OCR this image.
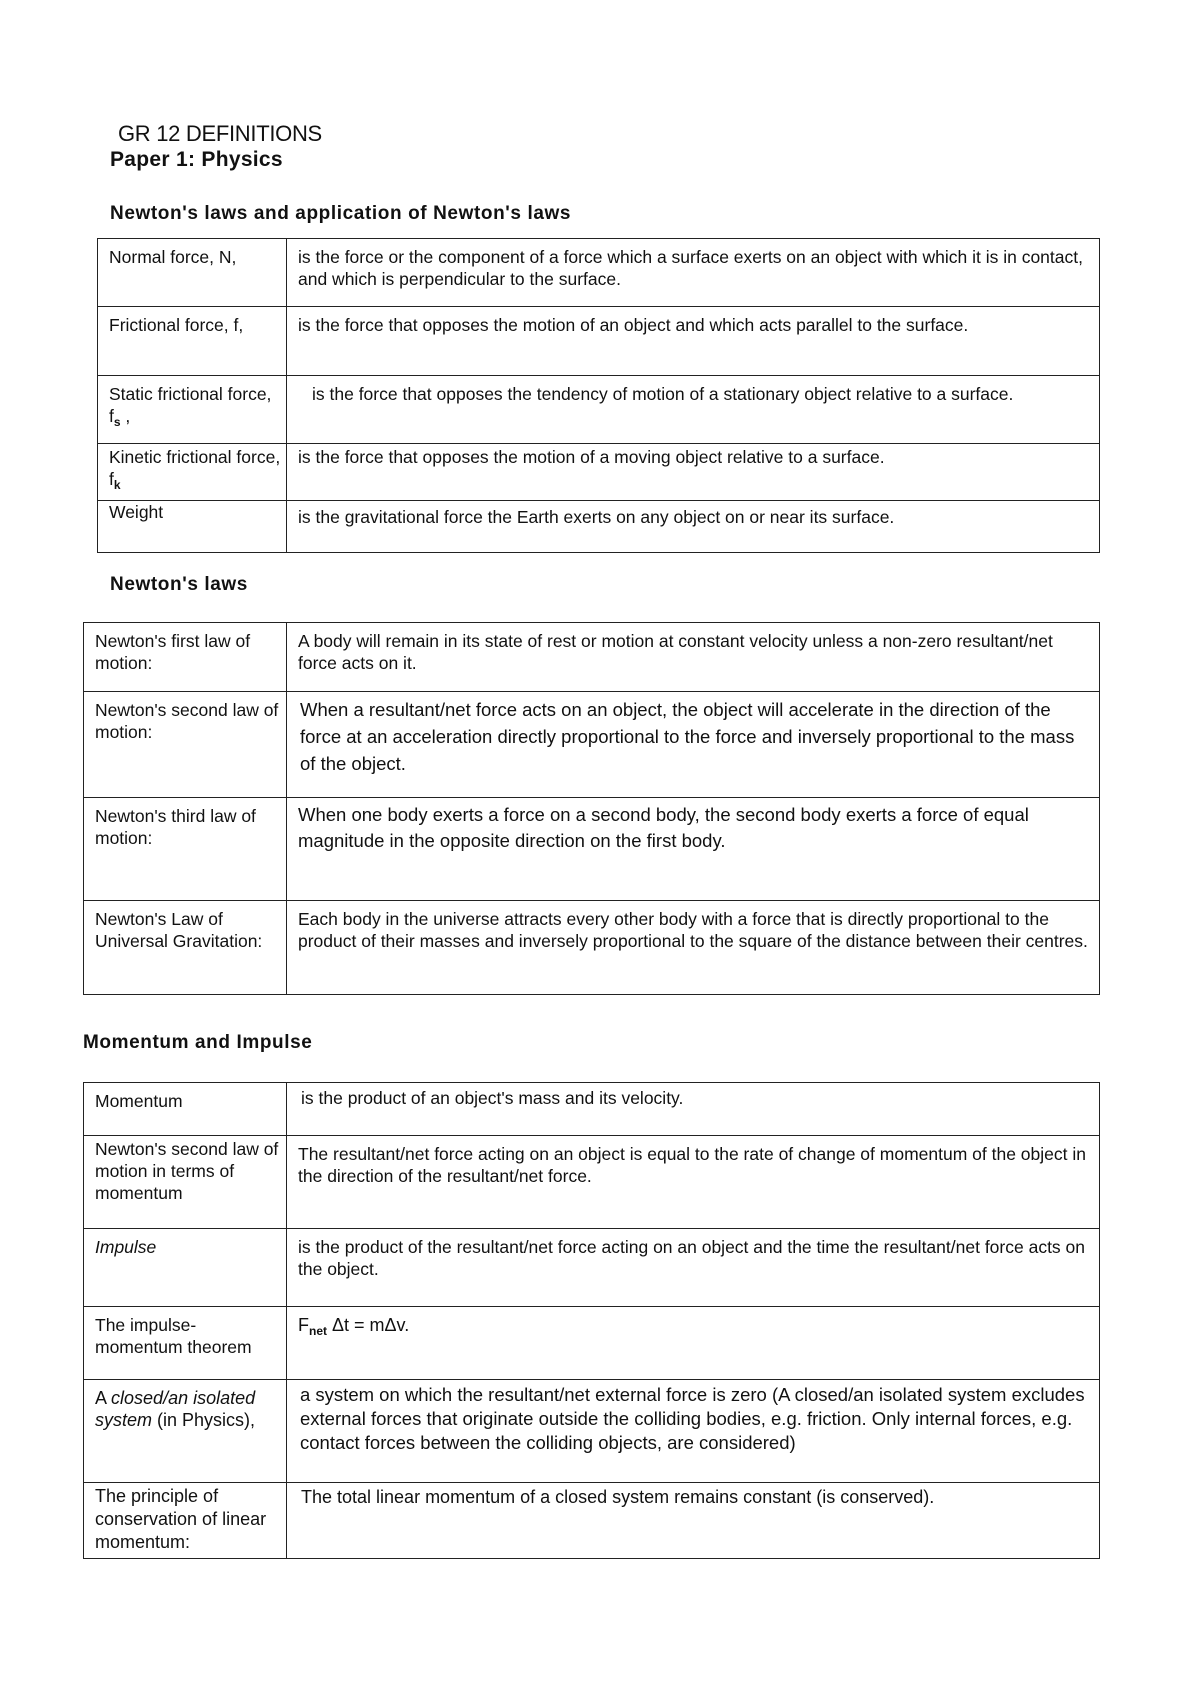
GR 12 DEFINITIONS
Paper 1: Physics
Newton's laws and application of Newton's laws
Normal force, N,	is the force or the component of a force which a surface exerts on an object with which it is in contact, and which is perpendicular to the surface.
Frictional force, f,	is the force that opposes the motion of an object and which acts parallel to the surface.
Static frictional force, $f_s$ ,	is the force that opposes the tendency of motion of a stationary object relative to a surface.
Kinetic frictional force, $f_k$	is the force that opposes the motion of a moving object relative to a surface.
Weight	is the gravitational force the Earth exerts on any object on or near its surface.
Newton's laws
Newton's first law of motion:	A body will remain in its state of rest or motion at constant velocity unless a non-zero resultant/net force acts on it.
Newton's second law of motion:	When a resultant/net force acts on an object, the object will accelerate in the direction of the force at an acceleration directly proportional to the force and inversely proportional to the mass of the object.
Newton's third law of motion:	When one body exerts a force on a second body, the second body exerts a force of equal magnitude in the opposite direction on the first body.
Newton's Law of Universal Gravitation:	Each body in the universe attracts every other body with a force that is directly proportional to the product of their masses and inversely proportional to the square of the distance between their centres.
Momentum and Impulse
Momentum	is the product of an object's mass and its velocity.
Newton's second law of motion in terms of momentum	The resultant/net force acting on an object is equal to the rate of change of momentum of the object in the direction of the resultant/net force.
Impulse	is the product of the resultant/net force acting on an object and the time the resultant/net force acts on the object.
The impulse-momentum theorem	$F_{net}$ Δt = mΔv.
A closed/an isolated system (in Physics),	a system on which the resultant/net external force is zero (A closed/an isolated system excludes external forces that originate outside the colliding bodies, e.g. friction. Only internal forces, e.g. contact forces between the colliding objects, are considered)
The principle of conservation of linear momentum:	The total linear momentum of a closed system remains constant (is conserved).
